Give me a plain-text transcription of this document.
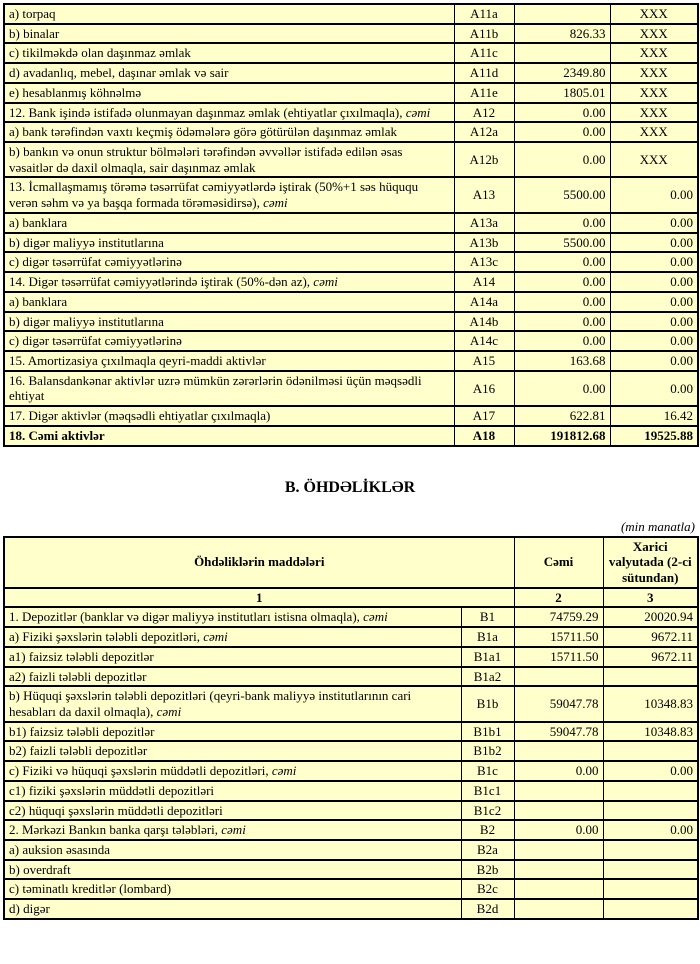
a) torpaq	A11a		XXX
b) binalar	A11b	826.33	XXX
c) tikilməkdə olan daşınmaz əmlak	A11c		XXX
d) avadanlıq, mebel, daşınar əmlak və sair	A11d	2349.80	XXX
e) hesablanmış köhnəlmə	A11e	1805.01	XXX
12. Bank işində istifadə olunmayan daşınmaz əmlak (ehtiyatlar çıxılmaqla), cəmi	A12	0.00	XXX
a) bank tərəfindən vaxtı keçmiş ödəmələrə görə götürülən daşınmaz əmlak	A12a	0.00	XXX
b) bankın və onun struktur bölmələri tərəfindən əvvəllər istifadə edilən əsas vəsaitlər də daxil olmaqla, sair daşınmaz əmlak	A12b	0.00	XXX
13. İcmallaşmamış törəmə təsərrüfat cəmiyyətlərdə iştirak (50%+1 səs hüququ verən səhm və ya başqa formada törəməsidirsə), cəmi	A13	5500.00	0.00
a) banklara	A13a	0.00	0.00
b) digər maliyyə institutlarına	A13b	5500.00	0.00
c) digər təsərrüfat cəmiyyətlərinə	A13c	0.00	0.00
14. Digər təsərrüfat cəmiyyətlərində iştirak (50%-dən az), cəmi	A14	0.00	0.00
a) banklara	A14a	0.00	0.00
b) digər maliyyə institutlarına	A14b	0.00	0.00
c) digər təsərrüfat cəmiyyətlərinə	A14c	0.00	0.00
15. Amortizasiya çıxılmaqla qeyri-maddi aktivlər	A15	163.68	0.00
16. Balansdankənar aktivlər uzrə mümkün zərərlərin ödənilməsi üçün məqsədli ehtiyat	A16	0.00	0.00
17. Digər aktivlər (məqsədli ehtiyatlar çıxılmaqla)	A17	622.81	16.42
18. Cəmi aktivlər	A18	191812.68	19525.88
B. ÖHDƏLİKLƏR
(min manatla)
Öhdəliklərin maddələri		Cəmi	Xarici valyutada (2-ci sütundan)
1		2	3
1. Depozitlər (banklar və digər maliyyə institutları istisna olmaqla), cəmi	B1	74759.29	20020.94
a) Fiziki şəxslərin tələbli depozitləri, cəmi	B1a	15711.50	9672.11
a1) faizsiz tələbli depozitlər	B1a1	15711.50	9672.11
a2) faizli tələbli depozitlər	B1a2		
b) Hüquqi şəxslərin tələbli depozitləri (qeyri-bank maliyyə institutlarının cari hesabları da daxil olmaqla), cəmi	B1b	59047.78	10348.83
b1) faizsiz tələbli depozitlər	B1b1	59047.78	10348.83
b2) faizli tələbli depozitlər	B1b2		
c) Fiziki və hüquqi şəxslərin müddətli depozitləri, cəmi	B1c	0.00	0.00
c1) fiziki şəxslərin müddətli depozitləri	B1c1		
c2) hüquqi şəxslərin müddətli depozitləri	B1c2		
2. Mərkəzi Bankın banka qarşı tələbləri, cəmi	B2	0.00	0.00
a) auksion əsasında	B2a		
b) overdraft	B2b		
c) təminatlı kreditlər (lombard)	B2c		
d) digər	B2d		
